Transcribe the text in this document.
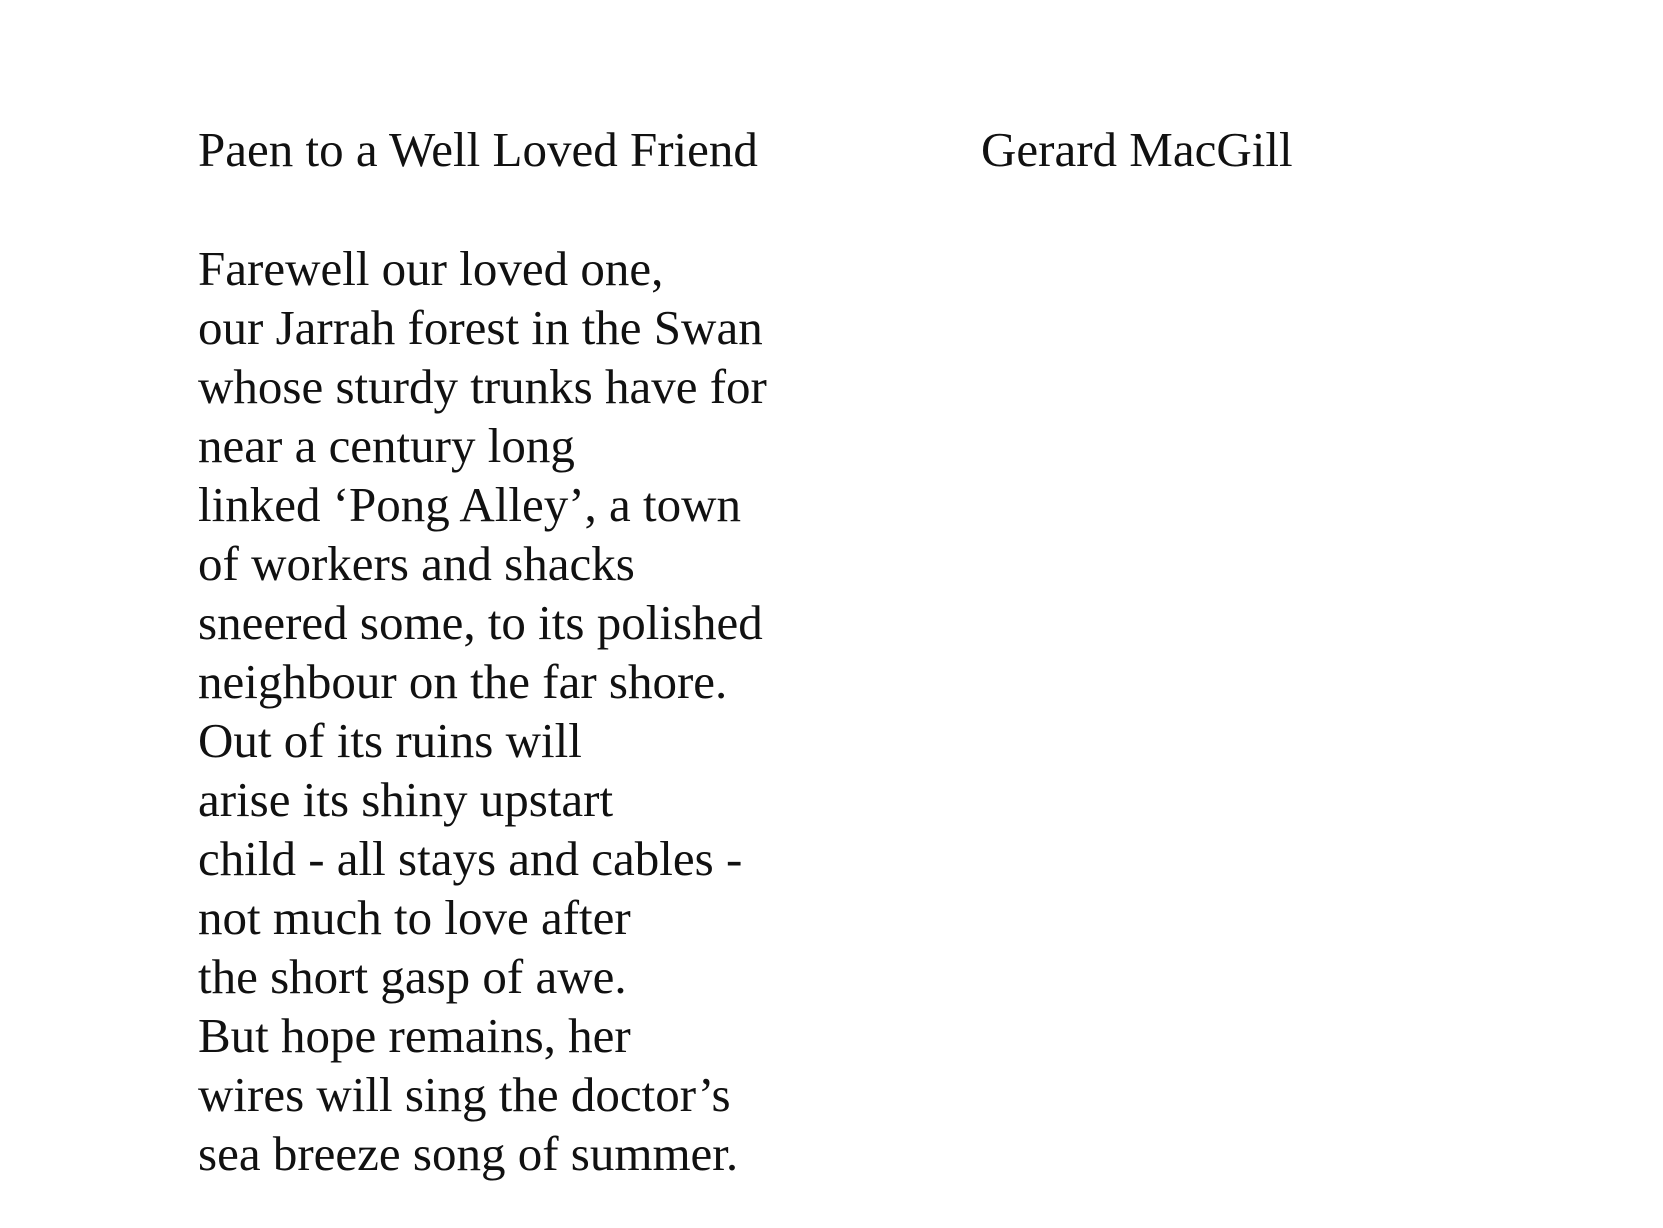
Paen to a Well Loved Friend	Gerard MacGill
Farewell our loved one,
our Jarrah forest in the Swan
whose sturdy trunks have for
near a century long
linked ‘Pong Alley’, a town
of workers and shacks
sneered some, to its polished
neighbour on the far shore.
Out of its ruins will
arise its shiny upstart
child - all stays and cables -
not much to love after
the short gasp of awe.
But hope remains, her
wires will sing the doctor’s
sea breeze song of summer.
